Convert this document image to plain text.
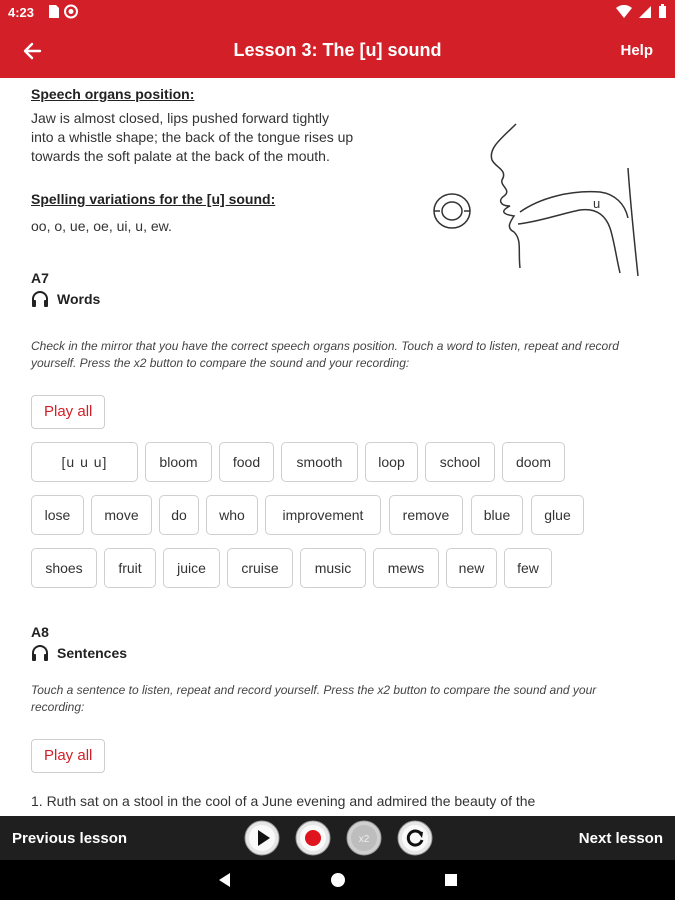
4:23
Lesson 3: The [u] sound	Help
Speech organs position:
Jaw is almost closed, lips pushed forward tightly
into a whistle shape; the back of the tongue rises up
towards the soft palate at the back of the mouth.
Spelling variations for the [u] sound:
oo, o, ue, oe, ui, u, ew.
u
A7
Words
Check in the mirror that you have the correct speech organs position. Touch a word to listen, repeat and record yourself. Press the x2 button to compare the sound and your recording:
Play all
[u u u]	bloom	food	smooth	loop	school	doom
lose	move	do	who	improvement	remove	blue	glue
shoes	fruit	juice	cruise	music	mews	new	few
A8
Sentences
Touch a sentence to listen, repeat and record yourself. Press the x2 button to compare the sound and your recording:
Play all
1. Ruth sat on a stool in the cool of a June evening and admired the beauty of the
Previous lesson	x2	Next lesson
